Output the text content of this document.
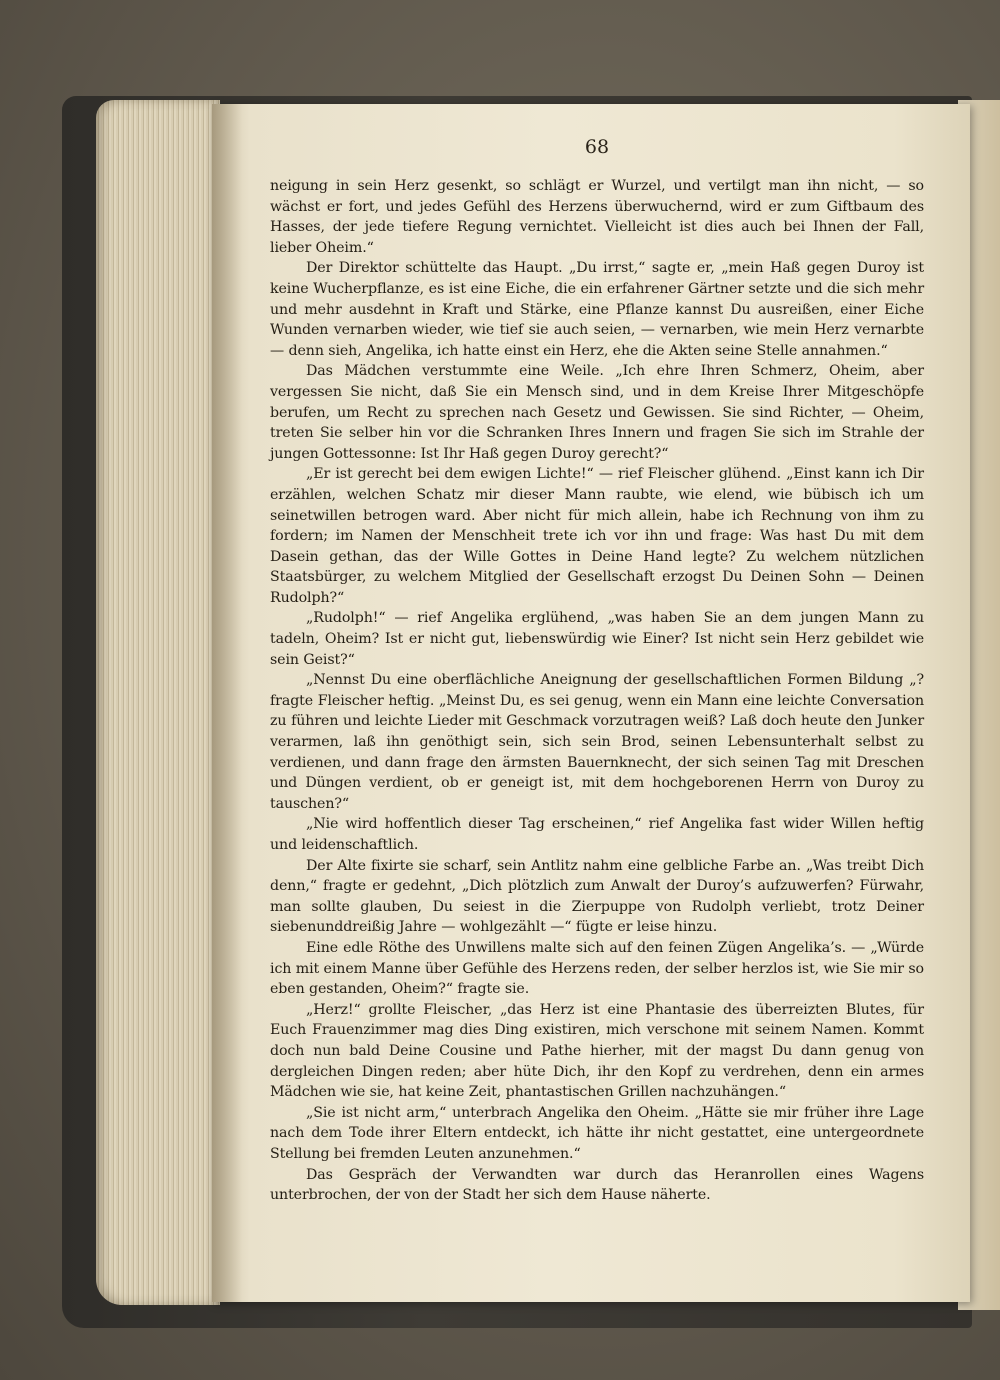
68

neigung in sein Herz gesenkt, so schlägt er Wurzel, und vertilgt man ihn nicht, — so wächst er fort, und jedes Gefühl des Herzens überwuchernd, wird er zum Giftbaum des Hasses, der jede tiefere Regung vernichtet. Vielleicht ist dies auch bei Ihnen der Fall, lieber Oheim.“

Der Direktor schüttelte das Haupt. „Du irrst,“ sagte er, „mein Haß gegen Duroy ist keine Wucherpflanze, es ist eine Eiche, die ein erfahrener Gärtner setzte und die sich mehr und mehr ausdehnt in Kraft und Stärke, eine Pflanze kannst Du ausreißen, einer Eiche Wunden vernarben wieder, wie tief sie auch seien, — vernarben, wie mein Herz vernarbte — denn sieh, Angelika, ich hatte einst ein Herz, ehe die Akten seine Stelle annahmen.“

Das Mädchen verstummte eine Weile. „Ich ehre Ihren Schmerz, Oheim, aber vergessen Sie nicht, daß Sie ein Mensch sind, und in dem Kreise Ihrer Mitgeschöpfe berufen, um Recht zu sprechen nach Gesetz und Gewissen. Sie sind Richter, — Oheim, treten Sie selber hin vor die Schranken Ihres Innern und fragen Sie sich im Strahle der jungen Gottessonne: Ist Ihr Haß gegen Duroy gerecht?“

„Er ist gerecht bei dem ewigen Lichte!“ — rief Fleischer glühend. „Einst kann ich Dir erzählen, welchen Schatz mir dieser Mann raubte, wie elend, wie bübisch ich um seinetwillen betrogen ward. Aber nicht für mich allein, habe ich Rechnung von ihm zu fordern; im Namen der Menschheit trete ich vor ihn und frage: Was hast Du mit dem Dasein gethan, das der Wille Gottes in Deine Hand legte? Zu welchem nützlichen Staatsbürger, zu welchem Mitglied der Gesellschaft erzogst Du Deinen Sohn — Deinen Rudolph?“

„Rudolph!“ — rief Angelika erglühend, „was haben Sie an dem jungen Mann zu tadeln, Oheim? Ist er nicht gut, liebenswürdig wie Einer? Ist nicht sein Herz gebildet wie sein Geist?“

„Nennst Du eine oberflächliche Aneignung der gesellschaftlichen Formen Bildung „? fragte Fleischer heftig. „Meinst Du, es sei genug, wenn ein Mann eine leichte Conversation zu führen und leichte Lieder mit Geschmack vorzutragen weiß? Laß doch heute den Junker verarmen, laß ihn genöthigt sein, sich sein Brod, seinen Lebensunterhalt selbst zu verdienen, und dann frage den ärmsten Bauernknecht, der sich seinen Tag mit Dreschen und Düngen verdient, ob er geneigt ist, mit dem hochgeborenen Herrn von Duroy zu tauschen?“

„Nie wird hoffentlich dieser Tag erscheinen,“ rief Angelika fast wider Willen heftig und leidenschaftlich.

Der Alte fixirte sie scharf, sein Antlitz nahm eine gelbliche Farbe an. „Was treibt Dich denn,“ fragte er gedehnt, „Dich plötzlich zum Anwalt der Duroy’s aufzuwerfen? Fürwahr, man sollte glauben, Du seiest in die Zierpuppe von Rudolph verliebt, trotz Deiner siebenunddreißig Jahre — wohlgezählt —“ fügte er leise hinzu.

Eine edle Röthe des Unwillens malte sich auf den feinen Zügen Angelika’s. — „Würde ich mit einem Manne über Gefühle des Herzens reden, der selber herzlos ist, wie Sie mir so eben gestanden, Oheim?“ fragte sie.

„Herz!“ grollte Fleischer, „das Herz ist eine Phantasie des überreizten Blutes, für Euch Frauenzimmer mag dies Ding existiren, mich verschone mit seinem Namen. Kommt doch nun bald Deine Cousine und Pathe hierher, mit der magst Du dann genug von dergleichen Dingen reden; aber hüte Dich, ihr den Kopf zu verdrehen, denn ein armes Mädchen wie sie, hat keine Zeit, phantastischen Grillen nachzuhängen.“

„Sie ist nicht arm,“ unterbrach Angelika den Oheim. „Hätte sie mir früher ihre Lage nach dem Tode ihrer Eltern entdeckt, ich hätte ihr nicht gestattet, eine untergeordnete Stellung bei fremden Leuten anzunehmen.“

Das Gespräch der Verwandten war durch das Heranrollen eines Wagens unterbrochen, der von der Stadt her sich dem Hause näherte.
